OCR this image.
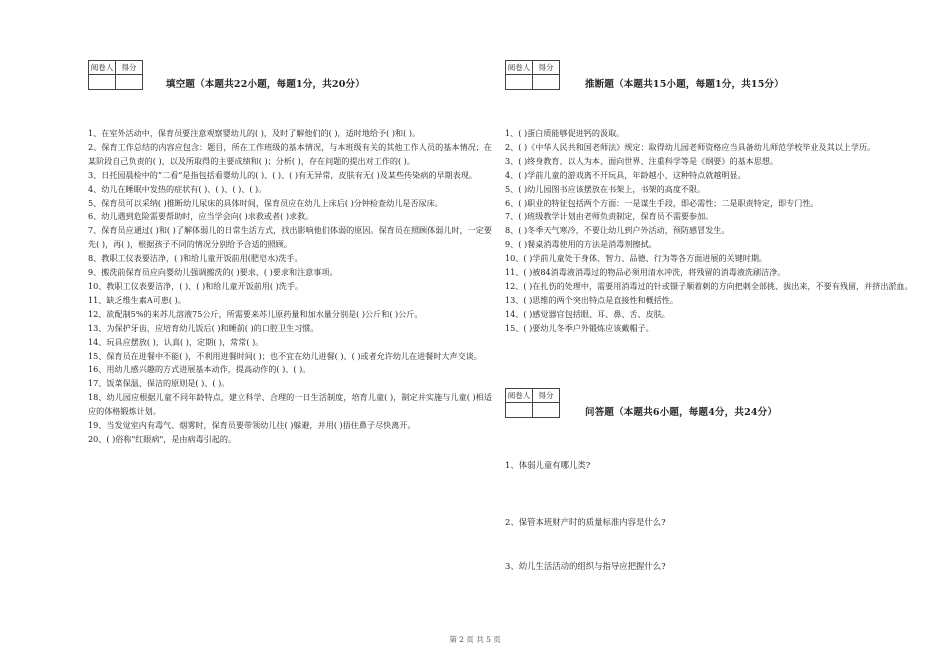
阅卷人	得分

填空题（本题共22小题，每题1分，共20分）
1、在室外活动中，保育员要注意观察婴幼儿的( )，及时了解他们的( )，适时地给予( )和( )。
2、保育工作总结的内容应包含：题目，所在工作班级的基本情况，与本班级有关的其他工作人员的基本情况；在某阶段自己负责的( )，以及所取得的主要成绩和( )；分析( )，存在问题的提出对工作的( )。
3、日托园晨检中的“二看”是指包括看婴幼儿的( )、( )、( )有无异常，皮肤有无( )及某些传染病的早期表现。
4、幼儿在睡眠中发热的症状有( )、( )、( )、( )。
5、保育员可以采纳( )推断幼儿尿床的具体时间，保育员应在幼儿上床后( )分钟检查幼儿是否尿床。
6、幼儿遇到危险需要帮助时，应当学会向( )求救或者( )求救。
7、保育员应通过( )和( )了解体弱儿的日常生活方式，找出影响他们体弱的原因。保育员在照顾体弱儿时，一定要先( )，再( )，根据孩子不同的情况分别给予合适的照顾。
8、教职工仪表要洁净，( )和给儿童开饭前用(肥皂水)洗手。
9、搬洗前保育员应向婴幼儿强调搬洗的( )要求、( )要求和注意事项。
10、教职工仪表要洁净，( )、( )和给儿童开饭前用( )洗手。
11、缺乏维生素A可患( )。
12、欲配制5%的来苏儿溶液75公斤，所需要来苏儿原药量和加水量分别是( )公斤和( )公斤。
13、为保护牙齿，应培育幼儿饭后( )和睡前( )的口腔卫生习惯。
14、玩具应摆放( )，认真( )，定期( )，常常( )。
15、保育员在进餐中不能( )，不利用进餐时间( )；也不宜在幼儿进餐( )、( )或者允许幼儿在进餐时大声交谈。
16、用幼儿感兴趣的方式进展基本动作，提高动作的( )、( )。
17、饭菜保温、保洁的原则是( )、( )。
18、幼儿园应根据儿童不同年龄特点，建立科学、合理的一日生活制度，培育儿童( )，制定并实施与儿童( )相适应的体格锻炼计划。
19、当发觉室内有毒气、烟雾时，保育员要带领幼儿往( )躲避，并用( )捂住鼻子尽快离开。
20、( )俗称"红眼病"，是由病毒引起的。
阅卷人	得分

推断题（本题共15小题，每题1分，共15分）
1、( )蛋白质能够促进钙的汲取。
2、( )《中华人民共和国老师法》规定：取得幼儿园老师资格应当具备幼儿师范学校毕业及其以上学历。
3、( )终身教育、以人为本、面向世界、注重科学等是《纲要》的基本思想。
4、( )学前儿童的游戏离不开玩具，年龄越小，这种特点就越明显。
5、( )幼儿园图书应该摆放在书架上，书架的高度不限。
6、( )职业的特征包括两个方面：一是谋生手段，即必需性；二是职责特定，即专门性。
7、( )班级教学计划由老师负责制定，保育员不需要参加。
8、( )冬季天气寒冷，不要让幼儿到户外活动，预防感冒发生。
9、( )餐桌消毒使用的方法是消毒剂擦拭。
10、( )学前儿童处于身体、智力、品德、行为等各方面进展的关键时期。
11、( )被84消毒液消毒过的物品必须用清水冲洗，将残留的消毒液洗刷洁净。
12、( )在扎伤的处理中，需要用消毒过的针或镊子顺着刺的方向把刺全部挑、拔出来，不要有残留，并挤出淤血。
13、( )思维的两个突出特点是直接性和概括性。
14、( )感觉器官包括眼、耳、鼻、舌、皮肤。
15、( )要幼儿冬季户外锻炼应该戴帽子。
阅卷人	得分

问答题（本题共6小题，每题4分，共24分）
1、体弱儿童有哪儿类?
2、保管本班财产时的质量标准内容是什么?
3、幼儿生活活动的组织与指导应把握什么?
第 2 页 共 5 页
